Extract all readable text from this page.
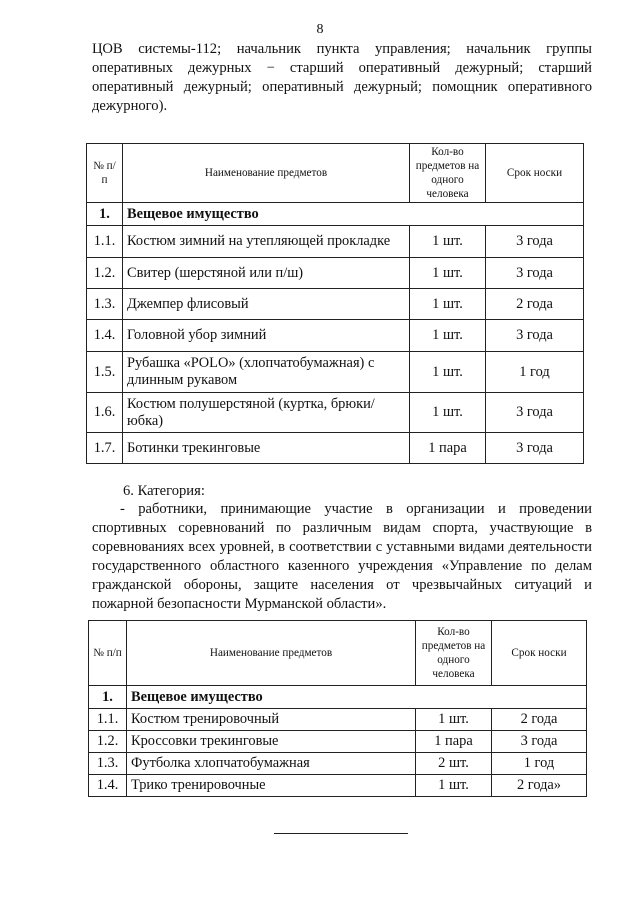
8
ЦОВ системы-112; начальник пункта управления; начальник группы оперативных дежурных − старший оперативный дежурный; старший оперативный дежурный; оперативный дежурный; помощник оперативного дежурного).
№ п/п	Наименование предметов	Кол-во предметов на одного человека	Срок носки
1.	Вещевое имущество		
1.1.	Костюм зимний на утепляющей прокладке	1 шт.	3 года
1.2.	Свитер (шерстяной или п/ш)	1 шт.	3 года
1.3.	Джемпер флисовый	1 шт.	2 года
1.4.	Головной убор зимний	1 шт.	3 года
1.5.	Рубашка «POLO» (хлопчатобумажная) с длинным рукавом	1 шт.	1 год
1.6.	Костюм полушерстяной (куртка, брюки/юбка)	1 шт.	3 года
1.7.	Ботинки трекинговые	1 пара	3 года
6. Категория:
- работники, принимающие участие в организации и проведении спортивных соревнований по различным видам спорта, участвующие в соревнованиях всех уровней, в соответствии с уставными видами деятельности государственного областного казенного учреждения «Управление по делам гражданской обороны, защите населения от чрезвычайных ситуаций и пожарной безопасности Мурманской области».
№ п/п	Наименование предметов	Кол-во предметов на одного человека	Срок носки
1.	Вещевое имущество		
1.1.	Костюм тренировочный	1 шт.	2 года
1.2.	Кроссовки трекинговые	1 пара	3 года
1.3.	Футболка хлопчатобумажная	2 шт.	1 год
1.4.	Трико тренировочные	1 шт.	2 года»
